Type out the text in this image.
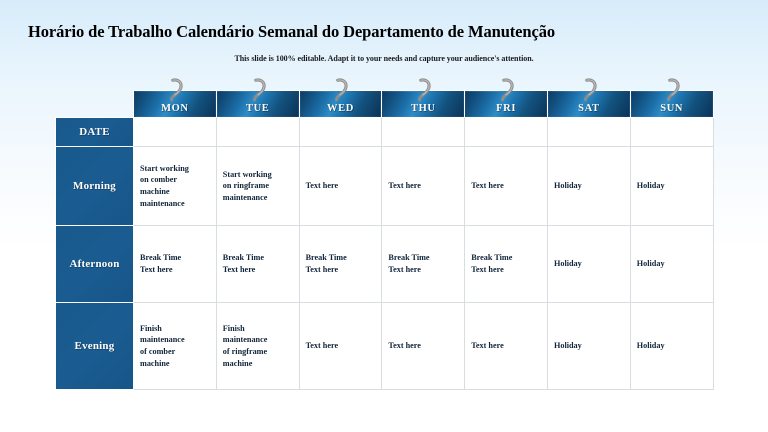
Horário de Trabalho Calendário Semanal do Departamento de Manutenção
This slide is 100% editable. Adapt it to your needs and capture your audience's attention.

	MON	TUE	WED	THU	FRI	SAT	SUN

DATE							
Morning	Start working
on comber
machine
maintenance	Start working
on ringframe
maintenance	Text here	Text here	Text here	Holiday	Holiday

Afternoon	Break Time
Text here	Break Time
Text here	Break Time
Text here	Break Time
Text here	Break Time
Text here	Holiday	Holiday

Evening	Finish
maintenance
of comber
machine	Finish
maintenance
of ringframe
machine	Text here	Text here	Text here	Holiday	Holiday
